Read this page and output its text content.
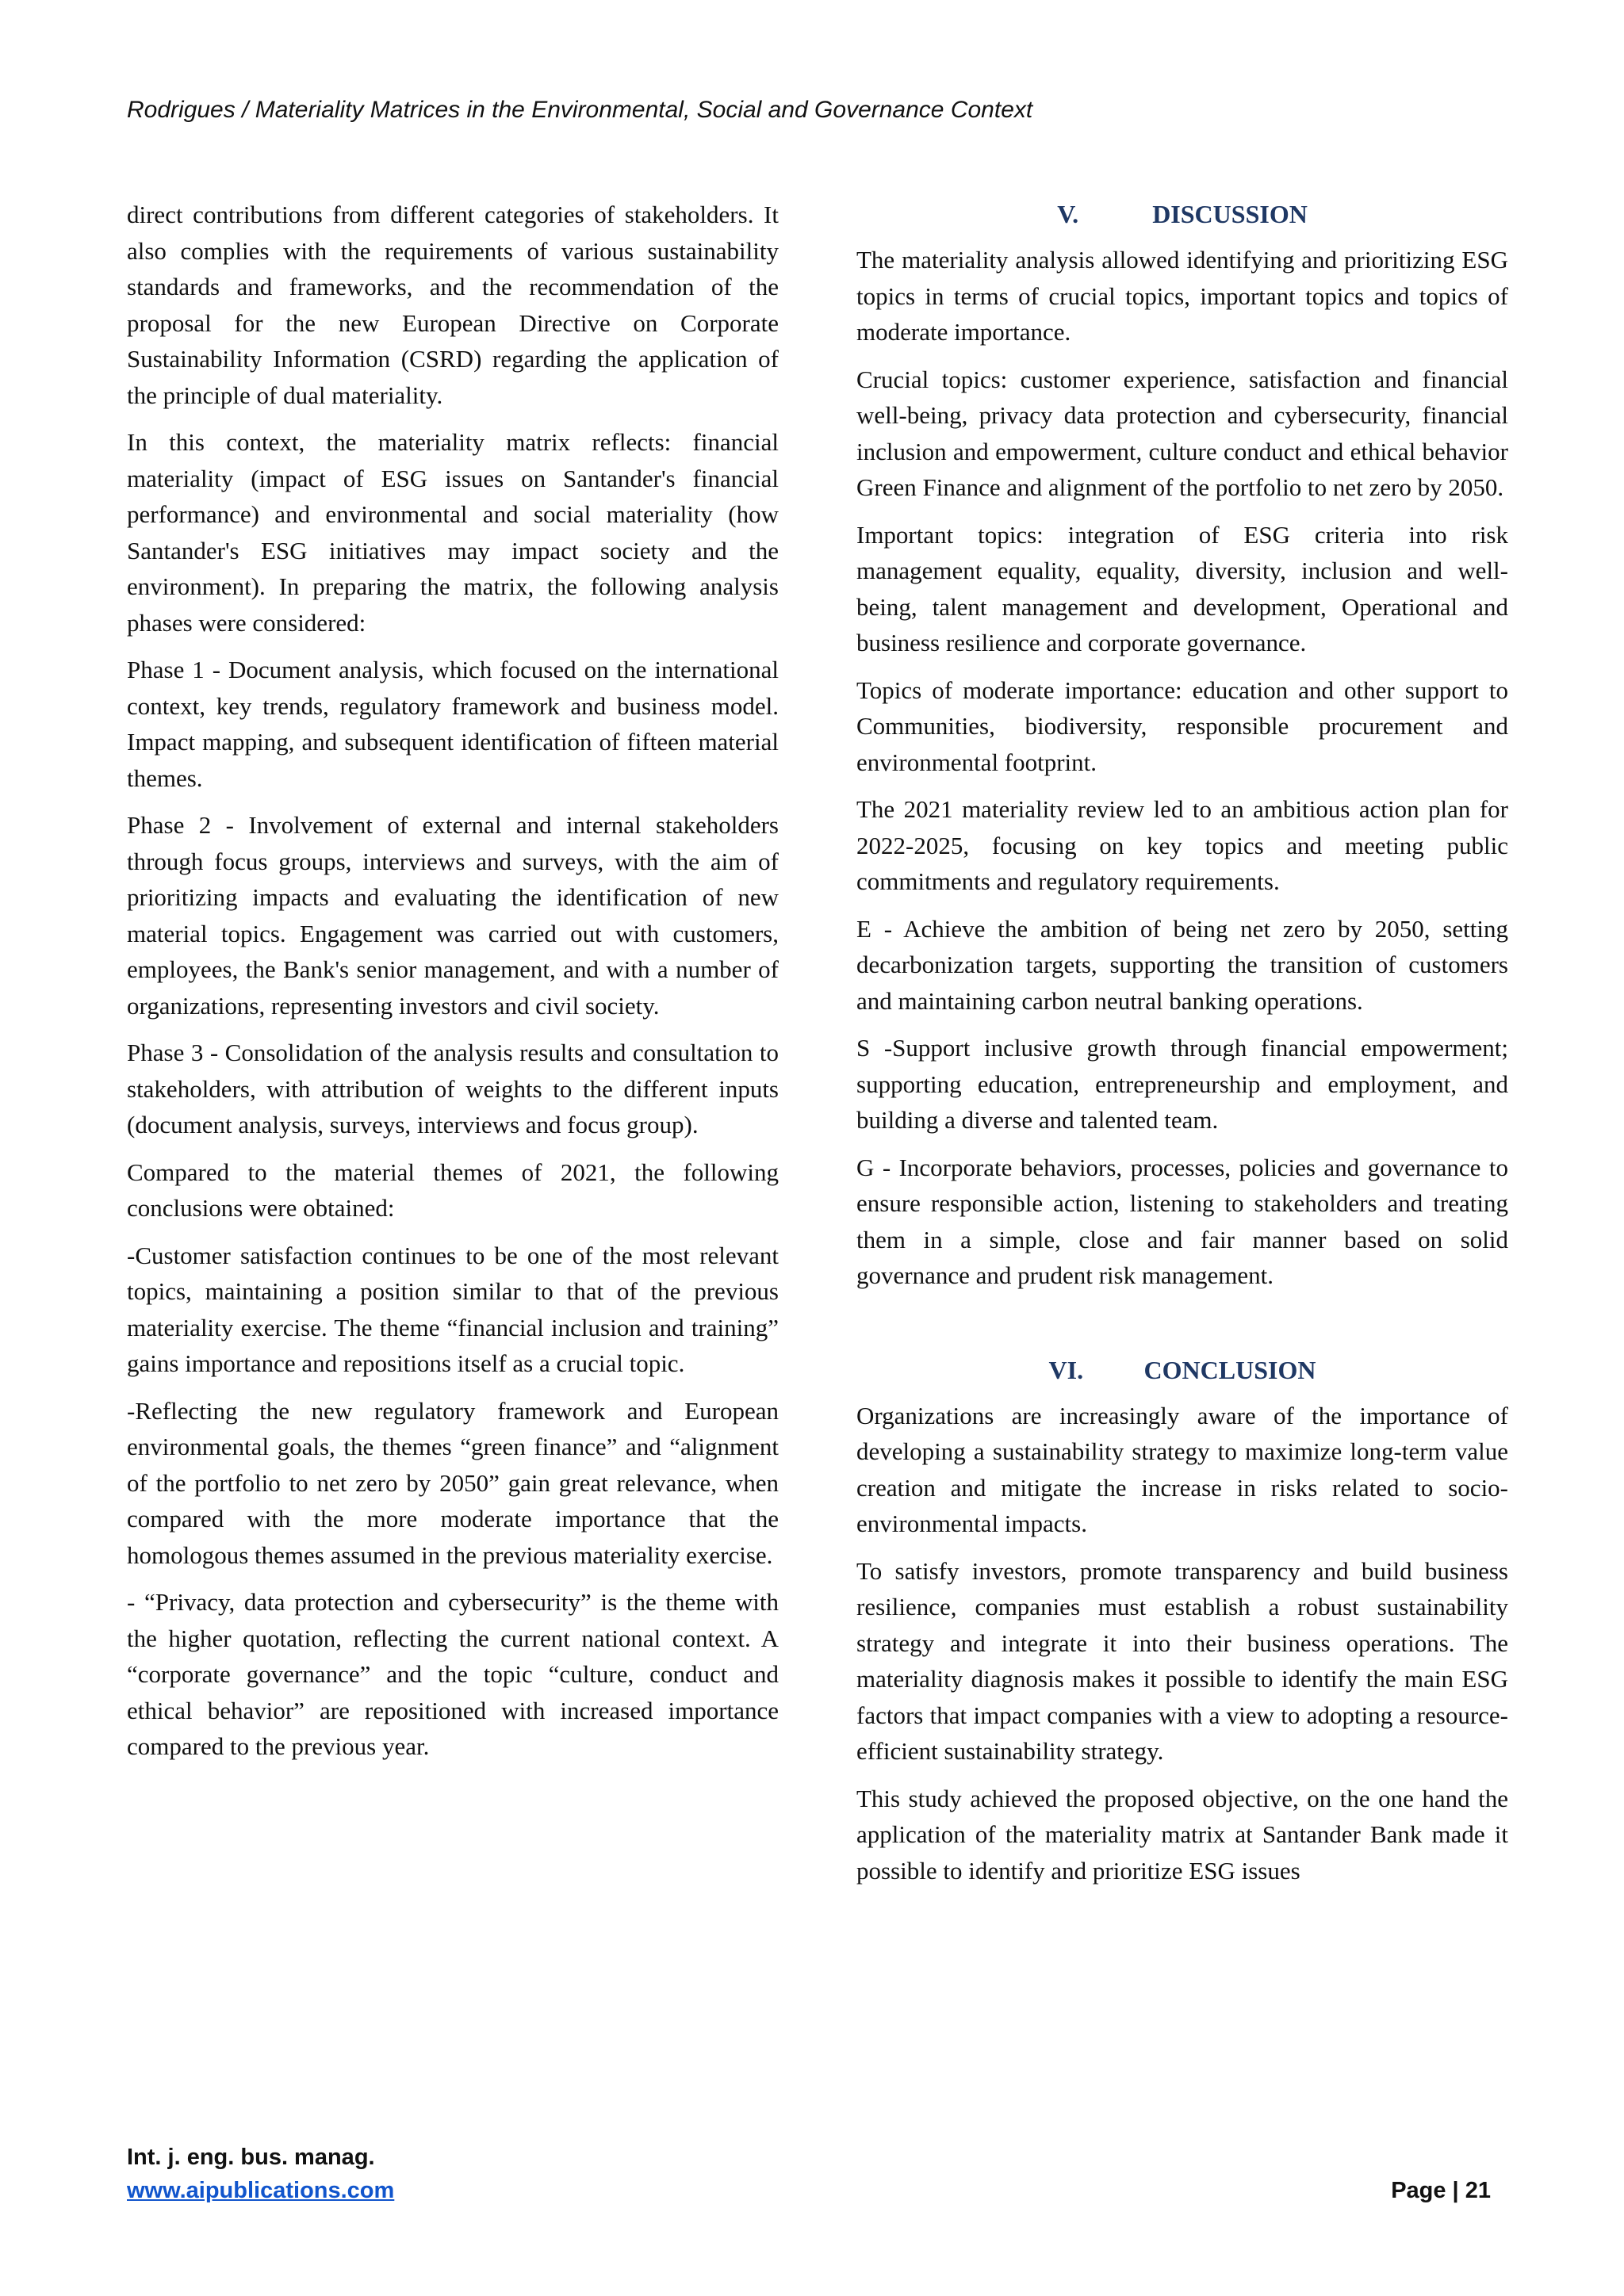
Rodrigues / Materiality Matrices in the Environmental, Social and Governance Context

direct contributions from different categories of stakeholders. It also complies with the requirements of various sustainability standards and frameworks, and the recommendation of the proposal for the new European Directive on Corporate Sustainability Information (CSRD) regarding the application of the principle of dual materiality.

In this context, the materiality matrix reflects: financial materiality (impact of ESG issues on Santander's financial performance) and environmental and social materiality (how Santander's ESG initiatives may impact society and the environment). In preparing the matrix, the following analysis phases were considered:

Phase 1 - Document analysis, which focused on the international context, key trends, regulatory framework and business model. Impact mapping, and subsequent identification of fifteen material themes.

Phase 2 - Involvement of external and internal stakeholders through focus groups, interviews and surveys, with the aim of prioritizing impacts and evaluating the identification of new material topics. Engagement was carried out with customers, employees, the Bank's senior management, and with a number of organizations, representing investors and civil society.

Phase 3 - Consolidation of the analysis results and consultation to stakeholders, with attribution of weights to the different inputs (document analysis, surveys, interviews and focus group).

Compared to the material themes of 2021, the following conclusions were obtained:

-Customer satisfaction continues to be one of the most relevant topics, maintaining a position similar to that of the previous materiality exercise. The theme “financial inclusion and training” gains importance and repositions itself as a crucial topic.

-Reflecting the new regulatory framework and European environmental goals, the themes “green finance” and “alignment of the portfolio to net zero by 2050” gain great relevance, when compared with the more moderate importance that the homologous themes assumed in the previous materiality exercise.

- “Privacy, data protection and cybersecurity” is the theme with the higher quotation, reflecting the current national context. A “corporate governance” and the topic “culture, conduct and ethical behavior” are repositioned with increased importance compared to the previous year.

V.	DISCUSSION

The materiality analysis allowed identifying and prioritizing ESG topics in terms of crucial topics, important topics and topics of moderate importance.

Crucial topics: customer experience, satisfaction and financial well-being, privacy data protection and cybersecurity, financial inclusion and empowerment, culture conduct and ethical behavior Green Finance and alignment of the portfolio to net zero by 2050.

Important topics: integration of ESG criteria into risk management equality, equality, diversity, inclusion and well-being, talent management and development, Operational and business resilience and corporate governance.

Topics of moderate importance: education and other support to Communities, biodiversity, responsible procurement and environmental footprint.

The 2021 materiality review led to an ambitious action plan for 2022-2025, focusing on key topics and meeting public commitments and regulatory requirements.

E - Achieve the ambition of being net zero by 2050, setting decarbonization targets, supporting the transition of customers and maintaining carbon neutral banking operations.

S -Support inclusive growth through financial empowerment; supporting education, entrepreneurship and employment, and building a diverse and talented team.

G - Incorporate behaviors, processes, policies and governance to ensure responsible action, listening to stakeholders and treating them in a simple, close and fair manner based on solid governance and prudent risk management.

VI. CONCLUSION

Organizations are increasingly aware of the importance of developing a sustainability strategy to maximize long-term value creation and mitigate the increase in risks related to socio-environmental impacts.

To satisfy investors, promote transparency and build business resilience, companies must establish a robust sustainability strategy and integrate it into their business operations. The materiality diagnosis makes it possible to identify the main ESG factors that impact companies with a view to adopting a resource-efficient sustainability strategy.

This study achieved the proposed objective, on the one hand the application of the materiality matrix at Santander Bank made it possible to identify and prioritize ESG issues

Int. j. eng. bus. manag.
www.aipublications.com	Page | 21
